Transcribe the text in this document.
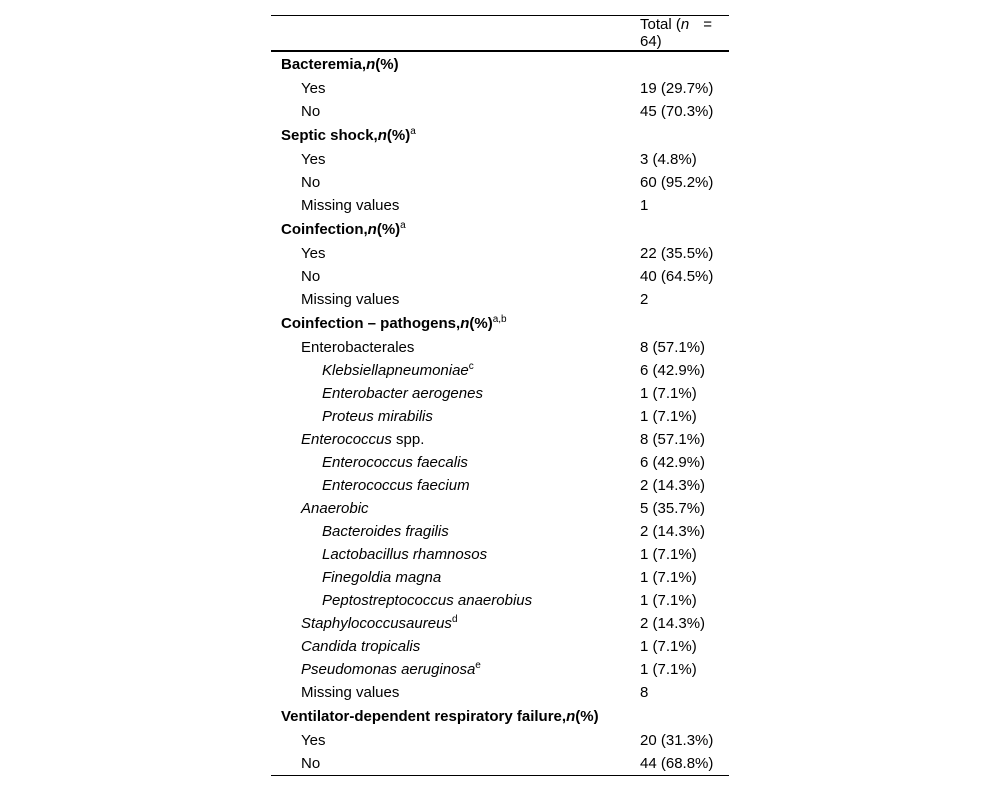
	Total (n =64)
Bacteremia,n(%)	
Yes	19 (29.7%)
No	45 (70.3%)
Septic shock,n(%)$^a$
Yes	3 (4.8%)
No	60 (95.2%)
Missing values	1
Coinfection,n(%)$^a$
Yes	22 (35.5%)
No	40 (64.5%)
Missing values	2
Coinfection – pathogens,n(%)$^{a,b}$
Enterobacterales	8 (57.1%)
Klebsiellapneumoniae$^c$	6 (42.9%)
Enterobacter aerogenes	1 (7.1%)
Proteus mirabilis	1 (7.1%)
Enterococcus spp.	8 (57.1%)
Enterococcus faecalis	6 (42.9%)
Enterococcus faecium	2 (14.3%)
Anaerobic	5 (35.7%)
Bacteroides fragilis	2 (14.3%)
Lactobacillus rhamnosos	1 (7.1%)
Finegoldia magna	1 (7.1%)
Peptostreptococcus anaerobius	1 (7.1%)
Staphylococcusaureus$^d$	2 (14.3%)
Candida tropicalis	1 (7.1%)
Pseudomonas aeruginosa$^e$	1 (7.1%)
Missing values	8
Ventilator-dependent respiratory failure,n(%)	
Yes	20 (31.3%)
No	44 (68.8%)
